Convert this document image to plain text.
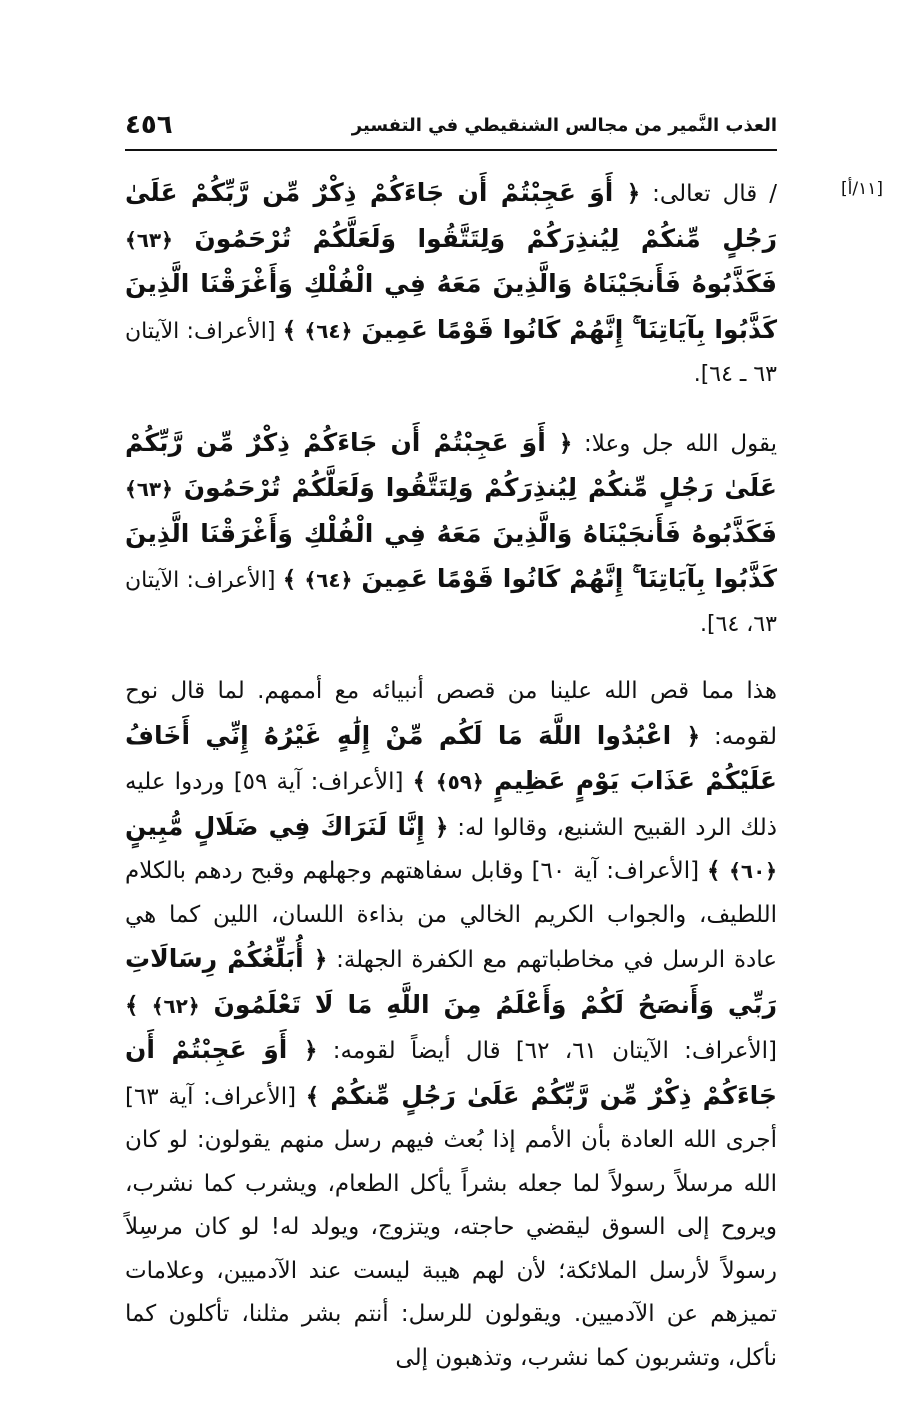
العذب النَّمير من مجالس الشنقيطي في التفسير
٤٥٦
[١١/أ]

/ قال تعالى: ﴿ أَوَ عَجِبْتُمْ أَن جَاءَكُمْ ذِكْرٌ مِّن رَّبِّكُمْ عَلَىٰ رَجُلٍ مِّنكُمْ لِيُنذِرَكُمْ وَلِتَتَّقُوا وَلَعَلَّكُمْ تُرْحَمُونَ ﴿٦٣﴾ فَكَذَّبُوهُ فَأَنجَيْنَاهُ وَالَّذِينَ مَعَهُ فِي الْفُلْكِ وَأَغْرَقْنَا الَّذِينَ كَذَّبُوا بِآيَاتِنَا ۚ إِنَّهُمْ كَانُوا قَوْمًا عَمِينَ ﴿٦٤﴾ ﴾ [الأعراف: الآيتان ٦٣ ـ ٦٤].

يقول الله جل وعلا: ﴿ أَوَ عَجِبْتُمْ أَن جَاءَكُمْ ذِكْرٌ مِّن رَّبِّكُمْ عَلَىٰ رَجُلٍ مِّنكُمْ لِيُنذِرَكُمْ وَلِتَتَّقُوا وَلَعَلَّكُمْ تُرْحَمُونَ ﴿٦٣﴾ فَكَذَّبُوهُ فَأَنجَيْنَاهُ وَالَّذِينَ مَعَهُ فِي الْفُلْكِ وَأَغْرَقْنَا الَّذِينَ كَذَّبُوا بِآيَاتِنَا ۚ إِنَّهُمْ كَانُوا قَوْمًا عَمِينَ ﴿٦٤﴾ ﴾ [الأعراف: الآيتان ٦٣، ٦٤].

هذا مما قص الله علينا من قصص أنبيائه مع أممهم. لما قال نوح لقومه: ﴿ اعْبُدُوا اللَّهَ مَا لَكُم مِّنْ إِلَٰهٍ غَيْرُهُ إِنِّي أَخَافُ عَلَيْكُمْ عَذَابَ يَوْمٍ عَظِيمٍ ﴿٥٩﴾ ﴾ [الأعراف: آية ٥٩] وردوا عليه ذلك الرد القبيح الشنيع، وقالوا له: ﴿ إِنَّا لَنَرَاكَ فِي ضَلَالٍ مُّبِينٍ ﴿٦٠﴾ ﴾ [الأعراف: آية ٦٠] وقابل سفاهتهم وجهلهم وقبح ردهم بالكلام اللطيف، والجواب الكريم الخالي من بذاءة اللسان، اللين كما هي عادة الرسل في مخاطباتهم مع الكفرة الجهلة: ﴿ أُبَلِّغُكُمْ رِسَالَاتِ رَبِّي وَأَنصَحُ لَكُمْ وَأَعْلَمُ مِنَ اللَّهِ مَا لَا تَعْلَمُونَ ﴿٦٢﴾ ﴾ [الأعراف: الآيتان ٦١، ٦٢] قال أيضاً لقومه: ﴿ أَوَ عَجِبْتُمْ أَن جَاءَكُمْ ذِكْرٌ مِّن رَّبِّكُمْ عَلَىٰ رَجُلٍ مِّنكُمْ ﴾ [الأعراف: آية ٦٣] أجرى الله العادة بأن الأمم إذا بُعث فيهم رسل منهم يقولون: لو كان الله مرسلاً رسولاً لما جعله بشراً يأكل الطعام، ويشرب كما نشرب، ويروح إلى السوق ليقضي حاجته، ويتزوج، ويولد له! لو كان مرسِلاً رسولاً لأرسل الملائكة؛ لأن لهم هيبة ليست عند الآدميين، وعلامات تميزهم عن الآدميين. ويقولون للرسل: أنتم بشر مثلنا، تأكلون كما نأكل، وتشربون كما نشرب، وتذهبون إلى
